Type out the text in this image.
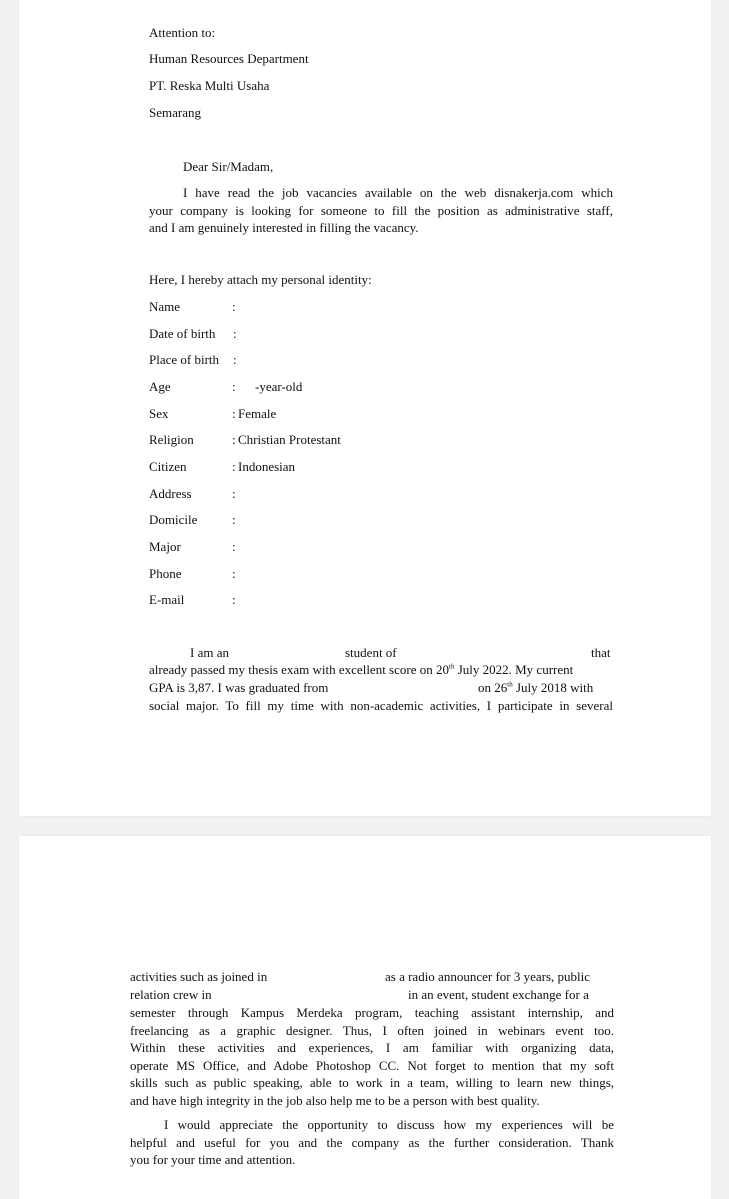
Attention to:
Human Resources Department
PT. Reska Multi Usaha
Semarang
Dear Sir/Madam,
I have read the job vacancies available on the web disnakerja.com which
your company is looking for someone to fill the position as administrative staff,
and I am genuinely interested in filling the vacancy.
Here, I hereby attach my personal identity:
Name	:
Date of birth :
Place of birth :
Age	: -year-old
Sex	: Female
Religion	: Christian Protestant
Citizen	: Indonesian
Address	:
Domicile	:
Major	:
Phone	:
E-mail	:
I am an	student of	that
already passed my thesis exam with excellent score on 20th July 2022. My current
GPA is 3,87. I was graduated from	on 26th July 2018 with
social major. To fill my time with non-academic activities, I participate in several
activities such as joined in	as a radio announcer for 3 years, public
relation crew in	in an event, student exchange for a
semester through Kampus Merdeka program, teaching assistant internship, and
freelancing as a graphic designer. Thus, I often joined in webinars event too.
Within these activities and experiences, I am familiar with organizing data,
operate MS Office, and Adobe Photoshop CC. Not forget to mention that my soft
skills such as public speaking, able to work in a team, willing to learn new things,
and have high integrity in the job also help me to be a person with best quality.
I would appreciate the opportunity to discuss how my experiences will be
helpful and useful for you and the company as the further consideration. Thank
you for your time and attention.
